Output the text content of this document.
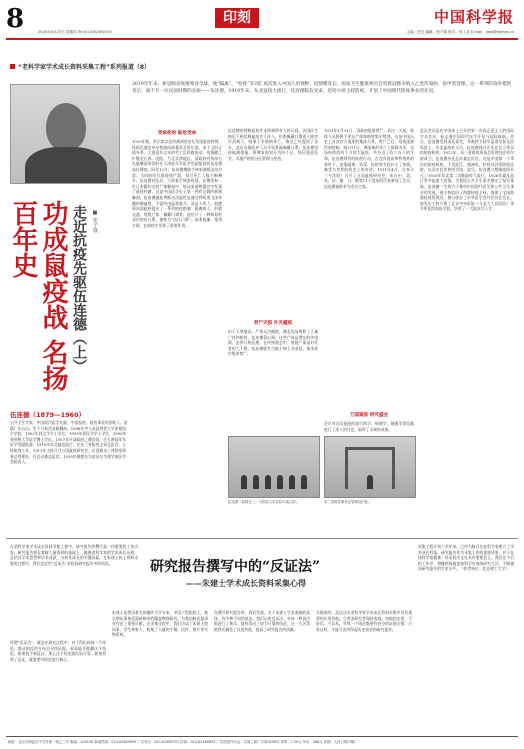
8	2020年4月23日 星期四 Tel:(010)62580705
印刻	中国科学报
主编／李芸 编辑／张子璇 校对／何工录 E-mail：jdsb@stimes.cn
“老科学家学术成长资料采集工程”系列报道（8）

2019年年末，新冠肺炎疫情席卷全球，使“隔离”、“检疫”等词汇再次进入中国人的视野。疫情爆发后，国家卫生健康委员会将新冠肺炎纳入乙类传染病，按甲类管理。这一系列防疫举措的背后，离不开一位民国时期的先驱——伍连德。1910年末，东北鼠疫大流行，伍连德临危受命，赴哈尔滨主持防疫，开创了中国现代防疫事业的先河。

功成鼠疫战 名扬百年史	走近抗疫先驱伍连德（上） ■ 张子璇
伍连德（1879—1960）
公共卫生学家，中国现代医学先驱，中国检疫、防疫事业的创始人。祖籍广东台山，生于马来西亚槟榔屿。1896年考入英国剑桥大学伊曼纽尔学院，1902年获文学学士学位，1903年获医学学士学位，1905年获剑桥大学医学博士学位。1907年应清政府之邀回国，任天津陆军军医学堂副监督。1910年东北鼠疫流行，任东三省防疫全权总医官，主持防疫工作，1911年主持召开万国鼠疫研究会。后创建东三省防疫事务总管理处，任总办兼总医官。1935年被提名为诺贝尔生理学或医学奖候选人。
受命赴哈 临危受命

1910年秋，哈尔滨以北的满洲里首先发现鼠疫病例，疫情迅速沿中东铁路向南蔓延至哈尔滨。由于当时正值冬季，大批返乡过年的劳工沿铁路流动，疫情随之扩散至长春、沈阳，乃至京津地区。清政府外务部右丞施肇基举荐时任天津陆军军医学堂副监督的伍连德前往调查。同年12月，伍连德携助手林家瑞抵达哈尔滨。当时的哈尔滨疫情严重，每日死亡人数不断攀升。伍连德到达后，立即着手调查疫情，在傅家甸一位日本籍妇女的尸体解剖中，他从血液和器官中发现了鼠疫杆菌，这是中国医学史上第一例有记载的病理解剖。伍连德据此判断这次鼠疫是通过呼吸道飞沫传播的肺鼠疫，不需经由鼠类媒介，而是人传人。他随即向清政府提出了一系列防疫措施：隔离病人、封锁交通、焚烧尸体、佩戴口罩等。他设计了一种简易的双层纱布口罩，被称为“伍氏口罩”，成本低廉、使用方便，在防疫中发挥了重要作用。

伍连德的判断起初并未得到所有人的认同。法国医生梅尼不相信肺鼠疫会人传人，拒绝佩戴口罩进入病房诊治病人，结果不幸染病身亡。梅尼之死震惊了各方，此后各地医护人员开始普遍佩戴口罩。伍连德坚持隔离措施，将傅家甸划分为四个区，每区派驻医官，实施严格的分区管理与检疫。

焚尸灭疫 扑灭瘟疫

由于天寒地冻，尸体无法掩埋，城北坟场堆积了大量尸体和棺材。伍连德意识到，这些尸体是潜在的传染源，必须尽快处理。在传统观念中，焚烧尸体是对死者的大不敬。伍连德联名当地士绅上书清廷，请求准许集体焚尸。

1911年1月31日，清政府批准焚尸。从这一天起，防疫人员将两千余具尸体和棺材集中焚烧。这是中国历史上首次官方批准的集体火葬。焚尸之后，疫情逐渐得到控制。到3月1日，傅家甸的死亡人数降为零。这场持续约四个月的大鼠疫，共夺去了约六万人的生命。伍连德领导的防疫行动，在没有疫苗和特效药的条件下，依靠隔离、消毒、检疫等手段扑灭了疫情，被誉为世界防疫史上的奇迹。1911年4月，在奉天（今沈阳）召开了万国鼠疫研究会，来自中、美、英、法、德、日、俄等11个国家的代表参加了会议，伍连德被推举为会议主席。

万国鼠疫 研究盛会

会议对这次鼠疫的流行病学、病理学、细菌学等问题进行了深入的讨论，取得了丰硕的成果。

此次会议是在中国本土召开的第一次真正意义上的国际学术会议，标志着中国现代医学开始与国际接轨。会后，伍连德受到清廷嘉奖，并被授予陆军蓝翎军衔及医科进士。东北鼠疫扑灭后，伍连德建议在东北设立常设的防疫机构。1912年，东三省防疫事务总管理处在哈尔滨成立，伍连德出任总办兼总医官。这是中国第一个常设的防疫机构，下设滨江、满洲里、拉哈苏苏等防疫医院，以及实验室和图书馆。此后，伍连德又相继组织扑灭了1920年东北第二次肺鼠疫大流行、1926年霍乱流行等多起重大疫情，为我国公共卫生事业奠定了坚实基础。伍连德一生致力于推动中国现代医学和公共卫生事业的发展，他主持收回了海港检疫主权，创建了全国海港检疫管理处，参与创办了中华医学会并任首任会长。他先后主持兴建了北京中央医院（今北大人民医院）等多所医院和医学院，培养了一大批医学人才。

伍连德（前排左三）与防疫人员在哈尔滨合影。	东三省防疫事务总管理处旧址。
在老科学家学术成长资料采集工程中，研究报告的撰写是一项重要的工作内容。研究报告要在掌握大量资料的基础上，梳理老科学家的学术成长历程，总结其学术思想和学术成就，分析其成长的关键因素。在朱建士院士资料采集的过程中，我们尝试用“反证法”来检验研究报告中的结论。	研究报告撰写中的“反证法”
——朱建士学术成长资料采集心得
所谓“反证法”，就是在研究过程中，对于得出的每一个结论，都从相反的方向去寻找证据，看看能否推翻这个结论。如果找不到反证，那么这个结论就比较可靠；如果找到了反证，就需要对结论进行修正。
朱建士是我国著名的爆炸力学专家，中国工程院院士。他长期从事核武器研制中的爆轰物理研究，为我国核武器事业作出了重要贡献。在采集过程中，我们访谈了朱建士的同事、学生和家人，收集了大量的手稿、信件、照片等实物资料。
在撰写研究报告时，我们发现，关于朱建士学术道路的选择，有多种不同的说法。我们运用反证法，对每一种说法都进行了核实，最终得出了较为可靠的结论。这一方法帮助我们避免了以讹传讹，提高了研究报告的质量。
实践表明，反证法在老科学家学术成长资料采集中具有重要的应用价值。它要求研究者保持客观、审慎的态度，不轻信、不盲从，对每一个结论都要有充分的证据支撑。只有这样，才能写出经得起历史检验的研究报告。
采集工程开展十余年来，已经为数百位老科学家建立了学术成长档案。研究报告作为采集工作的重要成果，对于弘扬科学家精神、传承科学文化具有重要意义。我们在今后的工作中，将继续探索更加科学有效的研究方法，不断提高研究报告的学术水平。（作者单位：北京理工大学）
地址：北京市海淀区中关村南一条乙三号 邮编：100190 新闻热线：010-62580699 广告发行：010-62580707 传真：010-62580693 广告经营许可证：京海工商广字第0036号 零售：1.50元 年价：288元 印刷：人民日报印刷厂
